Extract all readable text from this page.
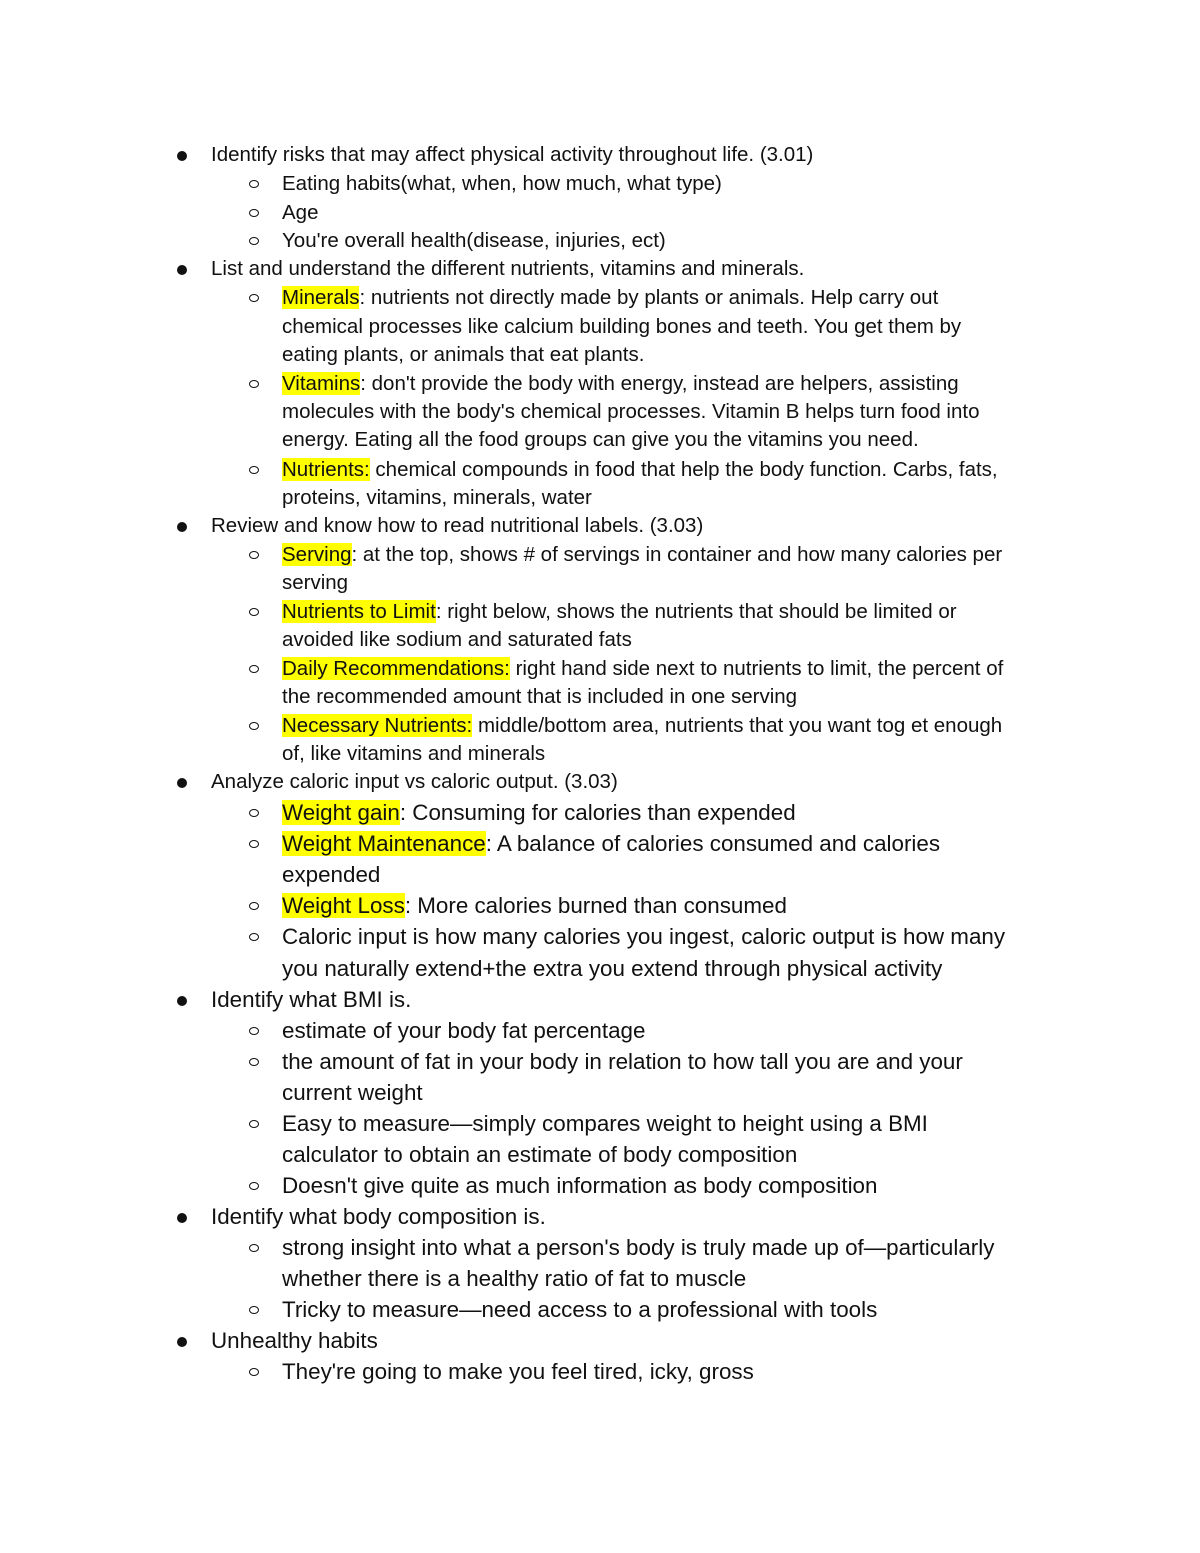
Identify risks that may affect physical activity throughout life. (3.01)
Eating habits(what, when, how much, what type)
Age
You're overall health(disease, injuries, ect)
List and understand the different nutrients, vitamins and minerals.
Minerals: nutrients not directly made by plants or animals. Help carry out
chemical processes like calcium building bones and teeth. You get them by
eating plants, or animals that eat plants.
Vitamins: don't provide the body with energy, instead are helpers, assisting
molecules with the body's chemical processes. Vitamin B helps turn food into
energy. Eating all the food groups can give you the vitamins you need.
Nutrients: chemical compounds in food that help the body function. Carbs, fats,
proteins, vitamins, minerals, water
Review and know how to read nutritional labels. (3.03)
Serving: at the top, shows # of servings in container and how many calories per
serving
Nutrients to Limit: right below, shows the nutrients that should be limited or
avoided like sodium and saturated fats
Daily Recommendations: right hand side next to nutrients to limit, the percent of
the recommended amount that is included in one serving
Necessary Nutrients: middle/bottom area, nutrients that you want tog et enough
of, like vitamins and minerals
Analyze caloric input vs caloric output. (3.03)
Weight gain: Consuming for calories than expended
Weight Maintenance: A balance of calories consumed and calories
expended
Weight Loss: More calories burned than consumed
Caloric input is how many calories you ingest, caloric output is how many
you naturally extend+the extra you extend through physical activity
Identify what BMI is.
estimate of your body fat percentage
the amount of fat in your body in relation to how tall you are and your
current weight
Easy to measure—simply compares weight to height using a BMI
calculator to obtain an estimate of body composition
Doesn't give quite as much information as body composition
Identify what body composition is.
strong insight into what a person's body is truly made up of—particularly
whether there is a healthy ratio of fat to muscle
Tricky to measure—need access to a professional with tools
Unhealthy habits
They're going to make you feel tired, icky, gross
